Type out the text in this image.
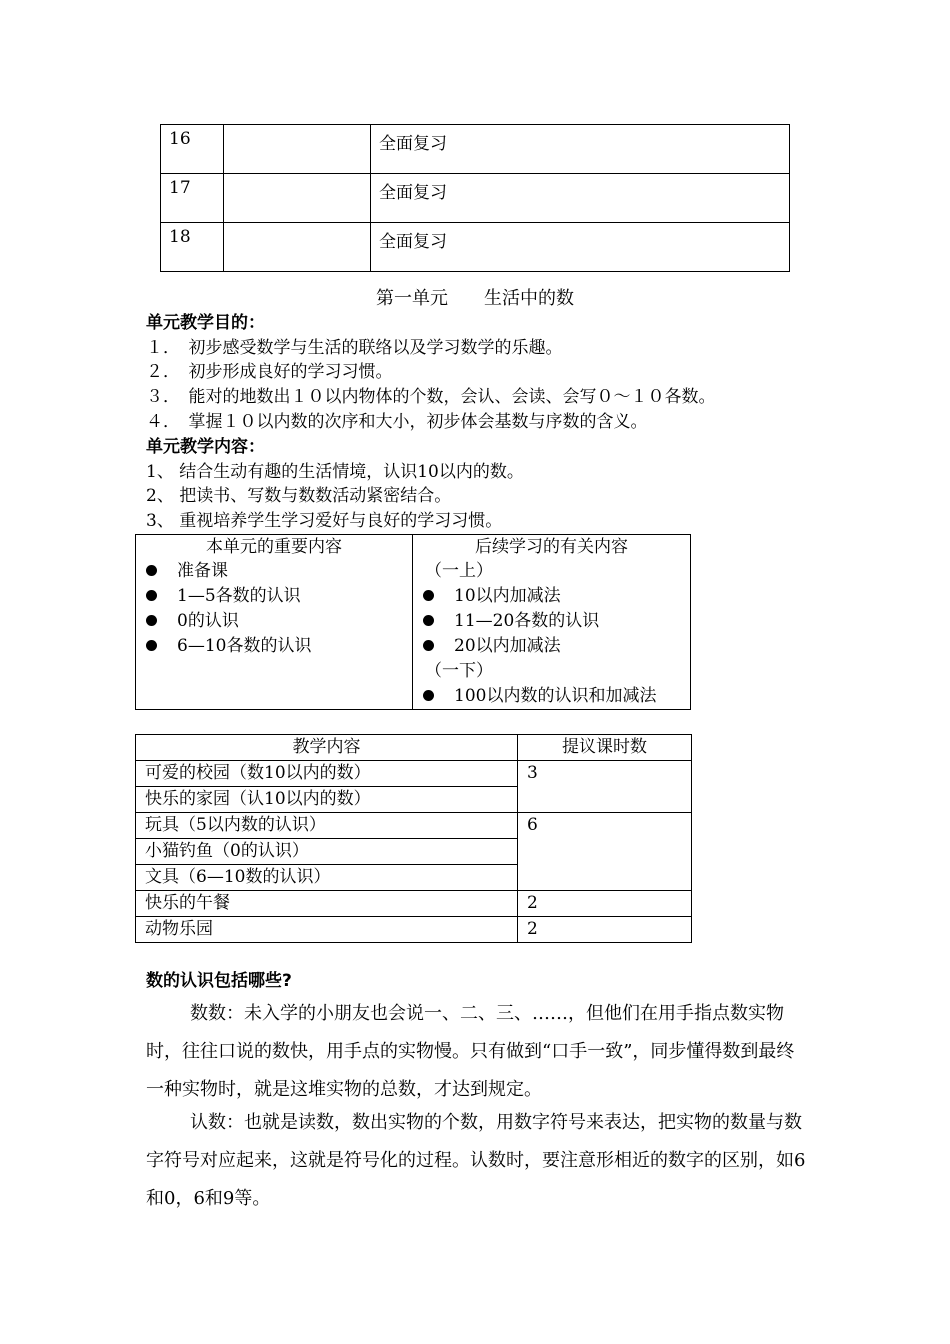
16		全面复习
17		全面复习
18		全面复习
第一单元　　生活中的数
单元教学目的：
１．　初步感受数学与生活的联络以及学习数学的乐趣。
２．　初步形成良好的学习习惯。
３．　能对的地数出１０以内物体的个数，会认、会读、会写０～１０各数。
４．　掌握１０以内数的次序和大小，初步体会基数与序数的含义。
单元教学内容：
1、 结合生动有趣的生活情境，认识10以内的数。
2、 把读书、写数与数数活动紧密结合。
3、 重视培养学生学习爱好与良好的学习习惯。
本单元的重要内容
准备课
1—5各数的认识
0的认识
6—10各数的认识

后续学习的有关内容
（一上）
10以内加减法
11—20各数的认识
20以内加减法
（一下）
100以内数的认识和加减法
教学内容	提议课时数
可爱的校园（数10以内的数）	3
快乐的家园（认10以内的数）	
玩具（5以内数的认识）	6
小猫钓鱼（0的认识）	
文具（6—10数的认识）	
快乐的午餐	2
动物乐园	2
数的认识包括哪些?
数数：未入学的小朋友也会说一、二、三、……，但他们在用手指点数实物时，往往口说的数快，用手点的实物慢。只有做到“口手一致”，同步懂得数到最终一种实物时，就是这堆实物的总数，才达到规定。
认数：也就是读数，数出实物的个数，用数字符号来表达，把实物的数量与数字符号对应起来，这就是符号化的过程。认数时，要注意形相近的数字的区别，如6和0，6和9等。
